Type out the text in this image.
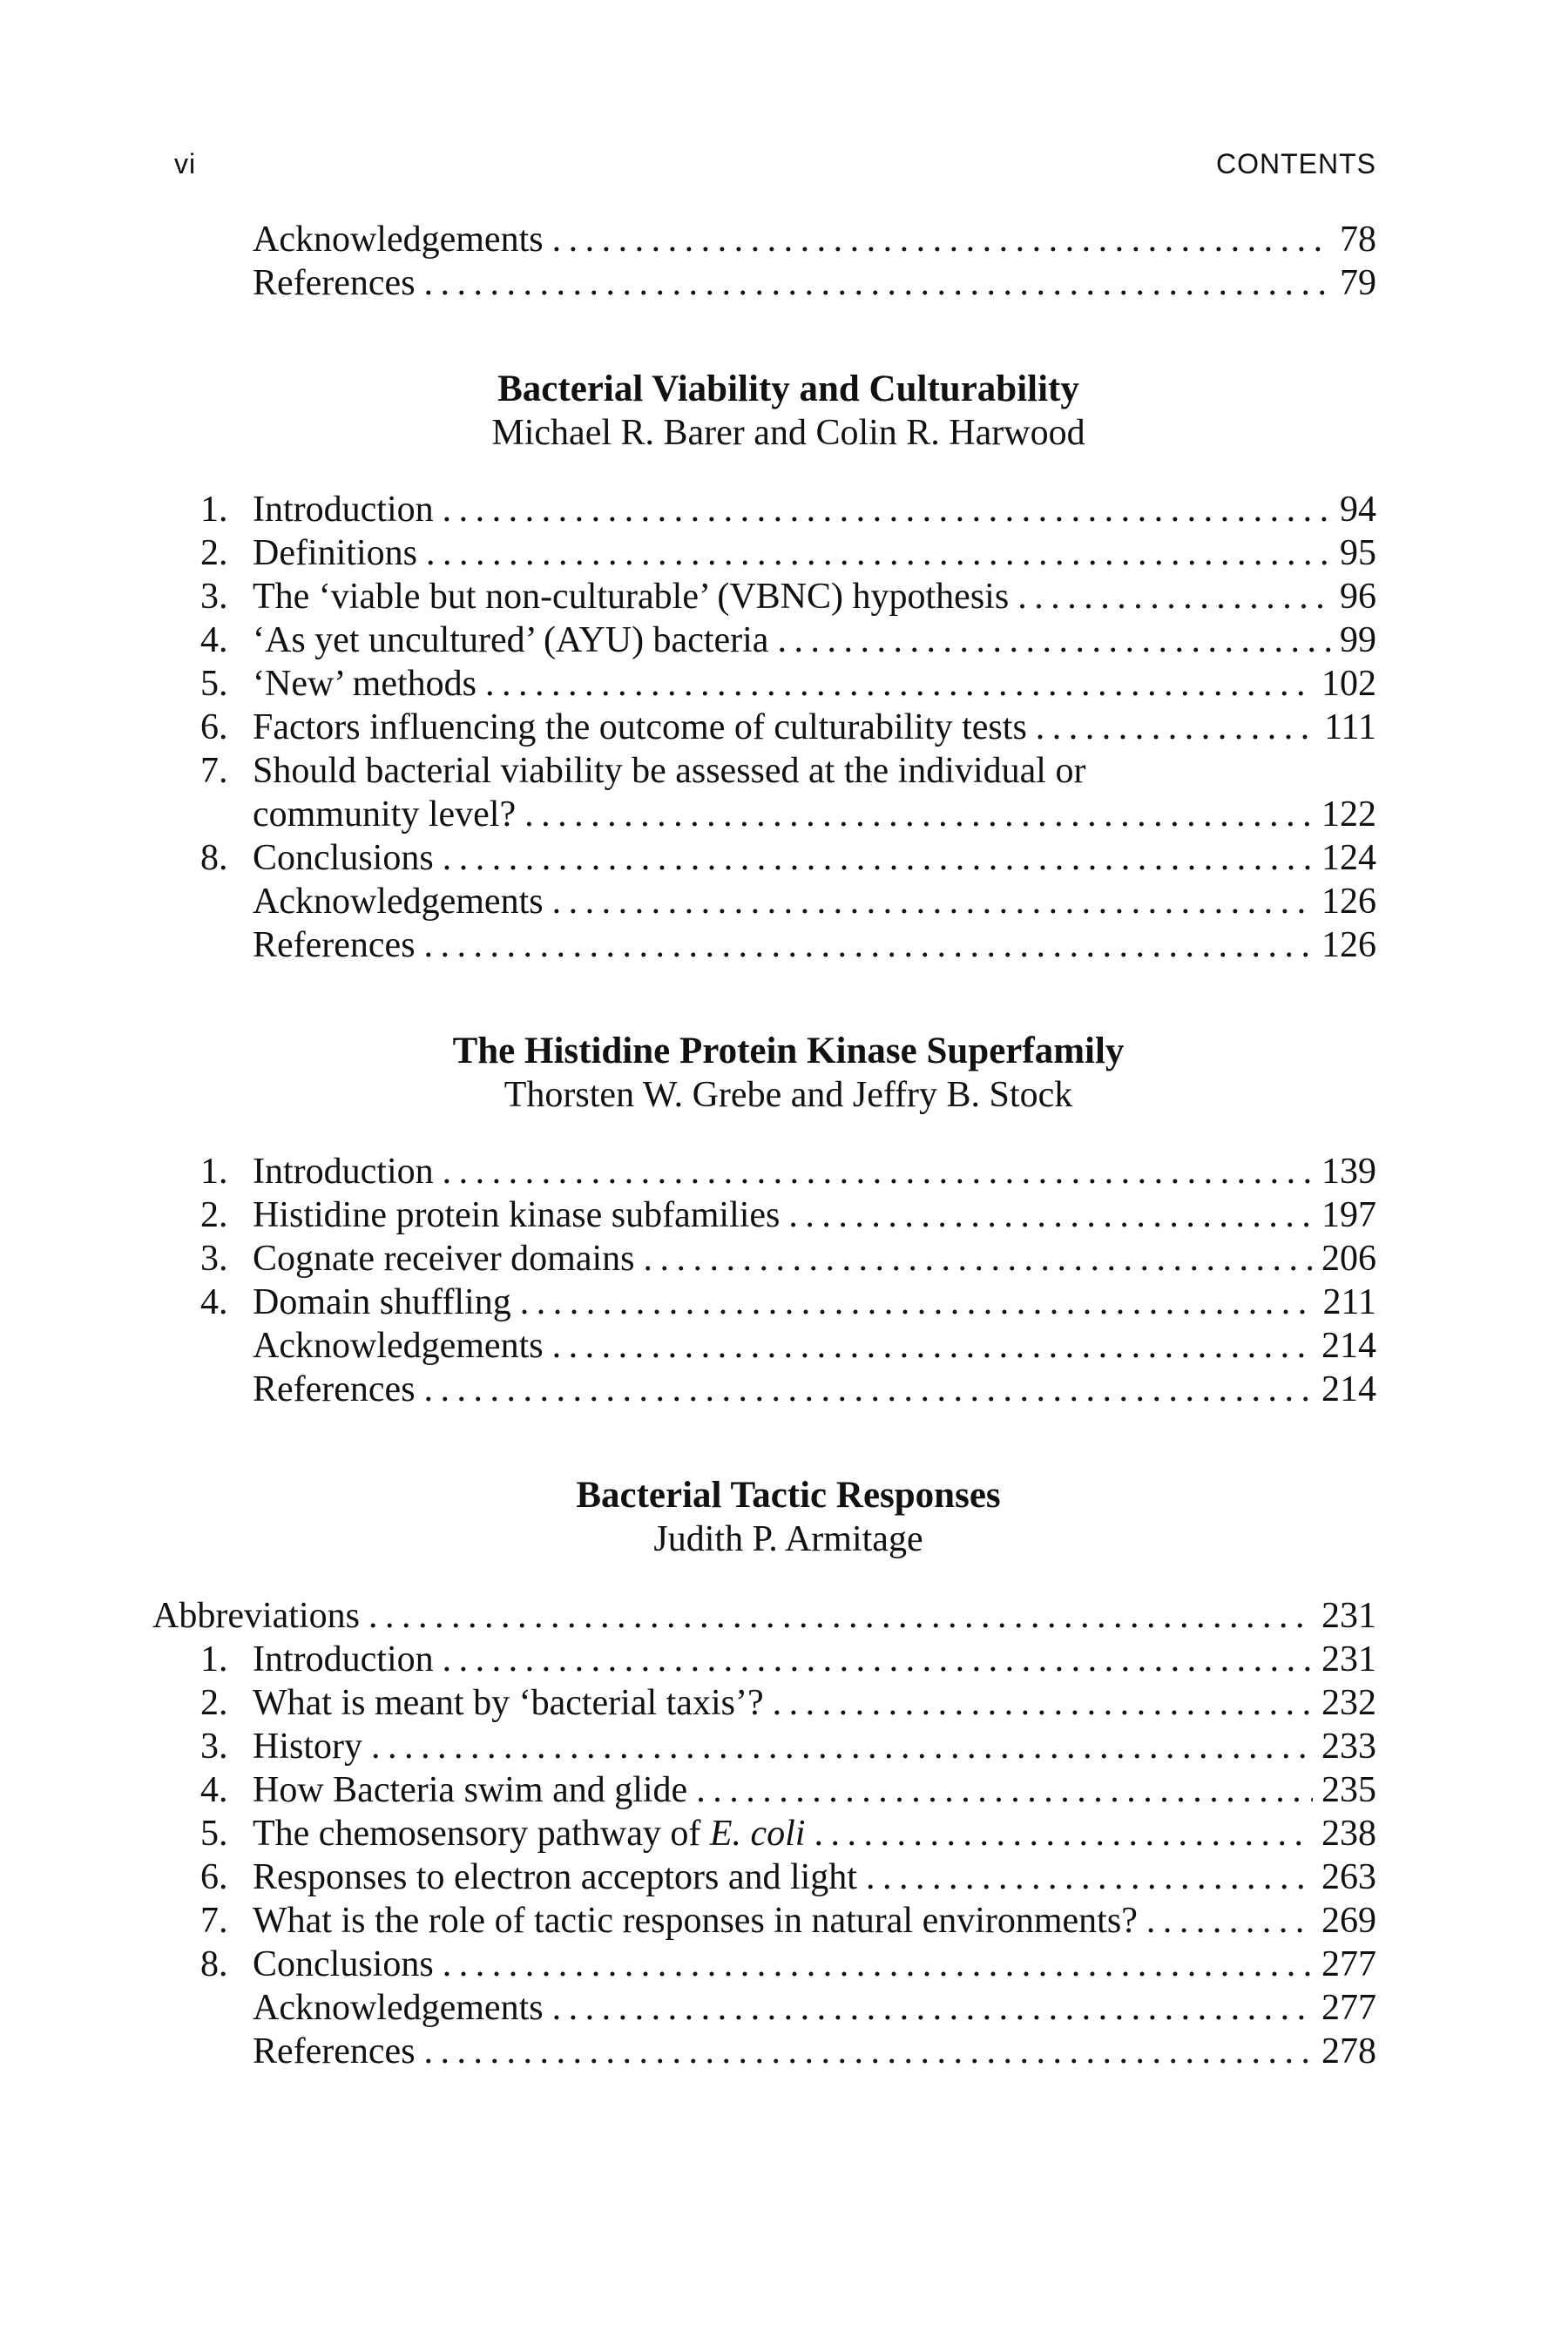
vi	CONTENTS
Acknowledgements . . .	78
References . . .	79
Bacterial Viability and Culturability
Michael R. Barer and Colin R. Harwood
1. Introduction . . .	94
2. Definitions . . .	95
3. The ‘viable but non-culturable’ (VBNC) hypothesis . . .	96
4. ‘As yet uncultured’ (AYU) bacteria . . .	99
5. ‘New’ methods . . .	102
6. Factors influencing the outcome of culturability tests . . .	111
7. Should bacterial viability be assessed at the individual or
community level? . . .	122
8. Conclusions . . .	124
Acknowledgements . . .	126
References . . .	126
The Histidine Protein Kinase Superfamily
Thorsten W. Grebe and Jeffry B. Stock
1. Introduction . . .	139
2. Histidine protein kinase subfamilies . . .	197
3. Cognate receiver domains . . .	206
4. Domain shuffling . . .	211
Acknowledgements . . .	214
References . . .	214
Bacterial Tactic Responses
Judith P. Armitage
Abbreviations . . .	231
1. Introduction . . .	231
2. What is meant by ‘bacterial taxis’? . . .	232
3. History . . .	233
4. How Bacteria swim and glide . . .	235
5. The chemosensory pathway of E. coli . . .	238
6. Responses to electron acceptors and light . . .	263
7. What is the role of tactic responses in natural environments? . . .	269
8. Conclusions . . .	277
Acknowledgements . . .	277
References . . .	278
